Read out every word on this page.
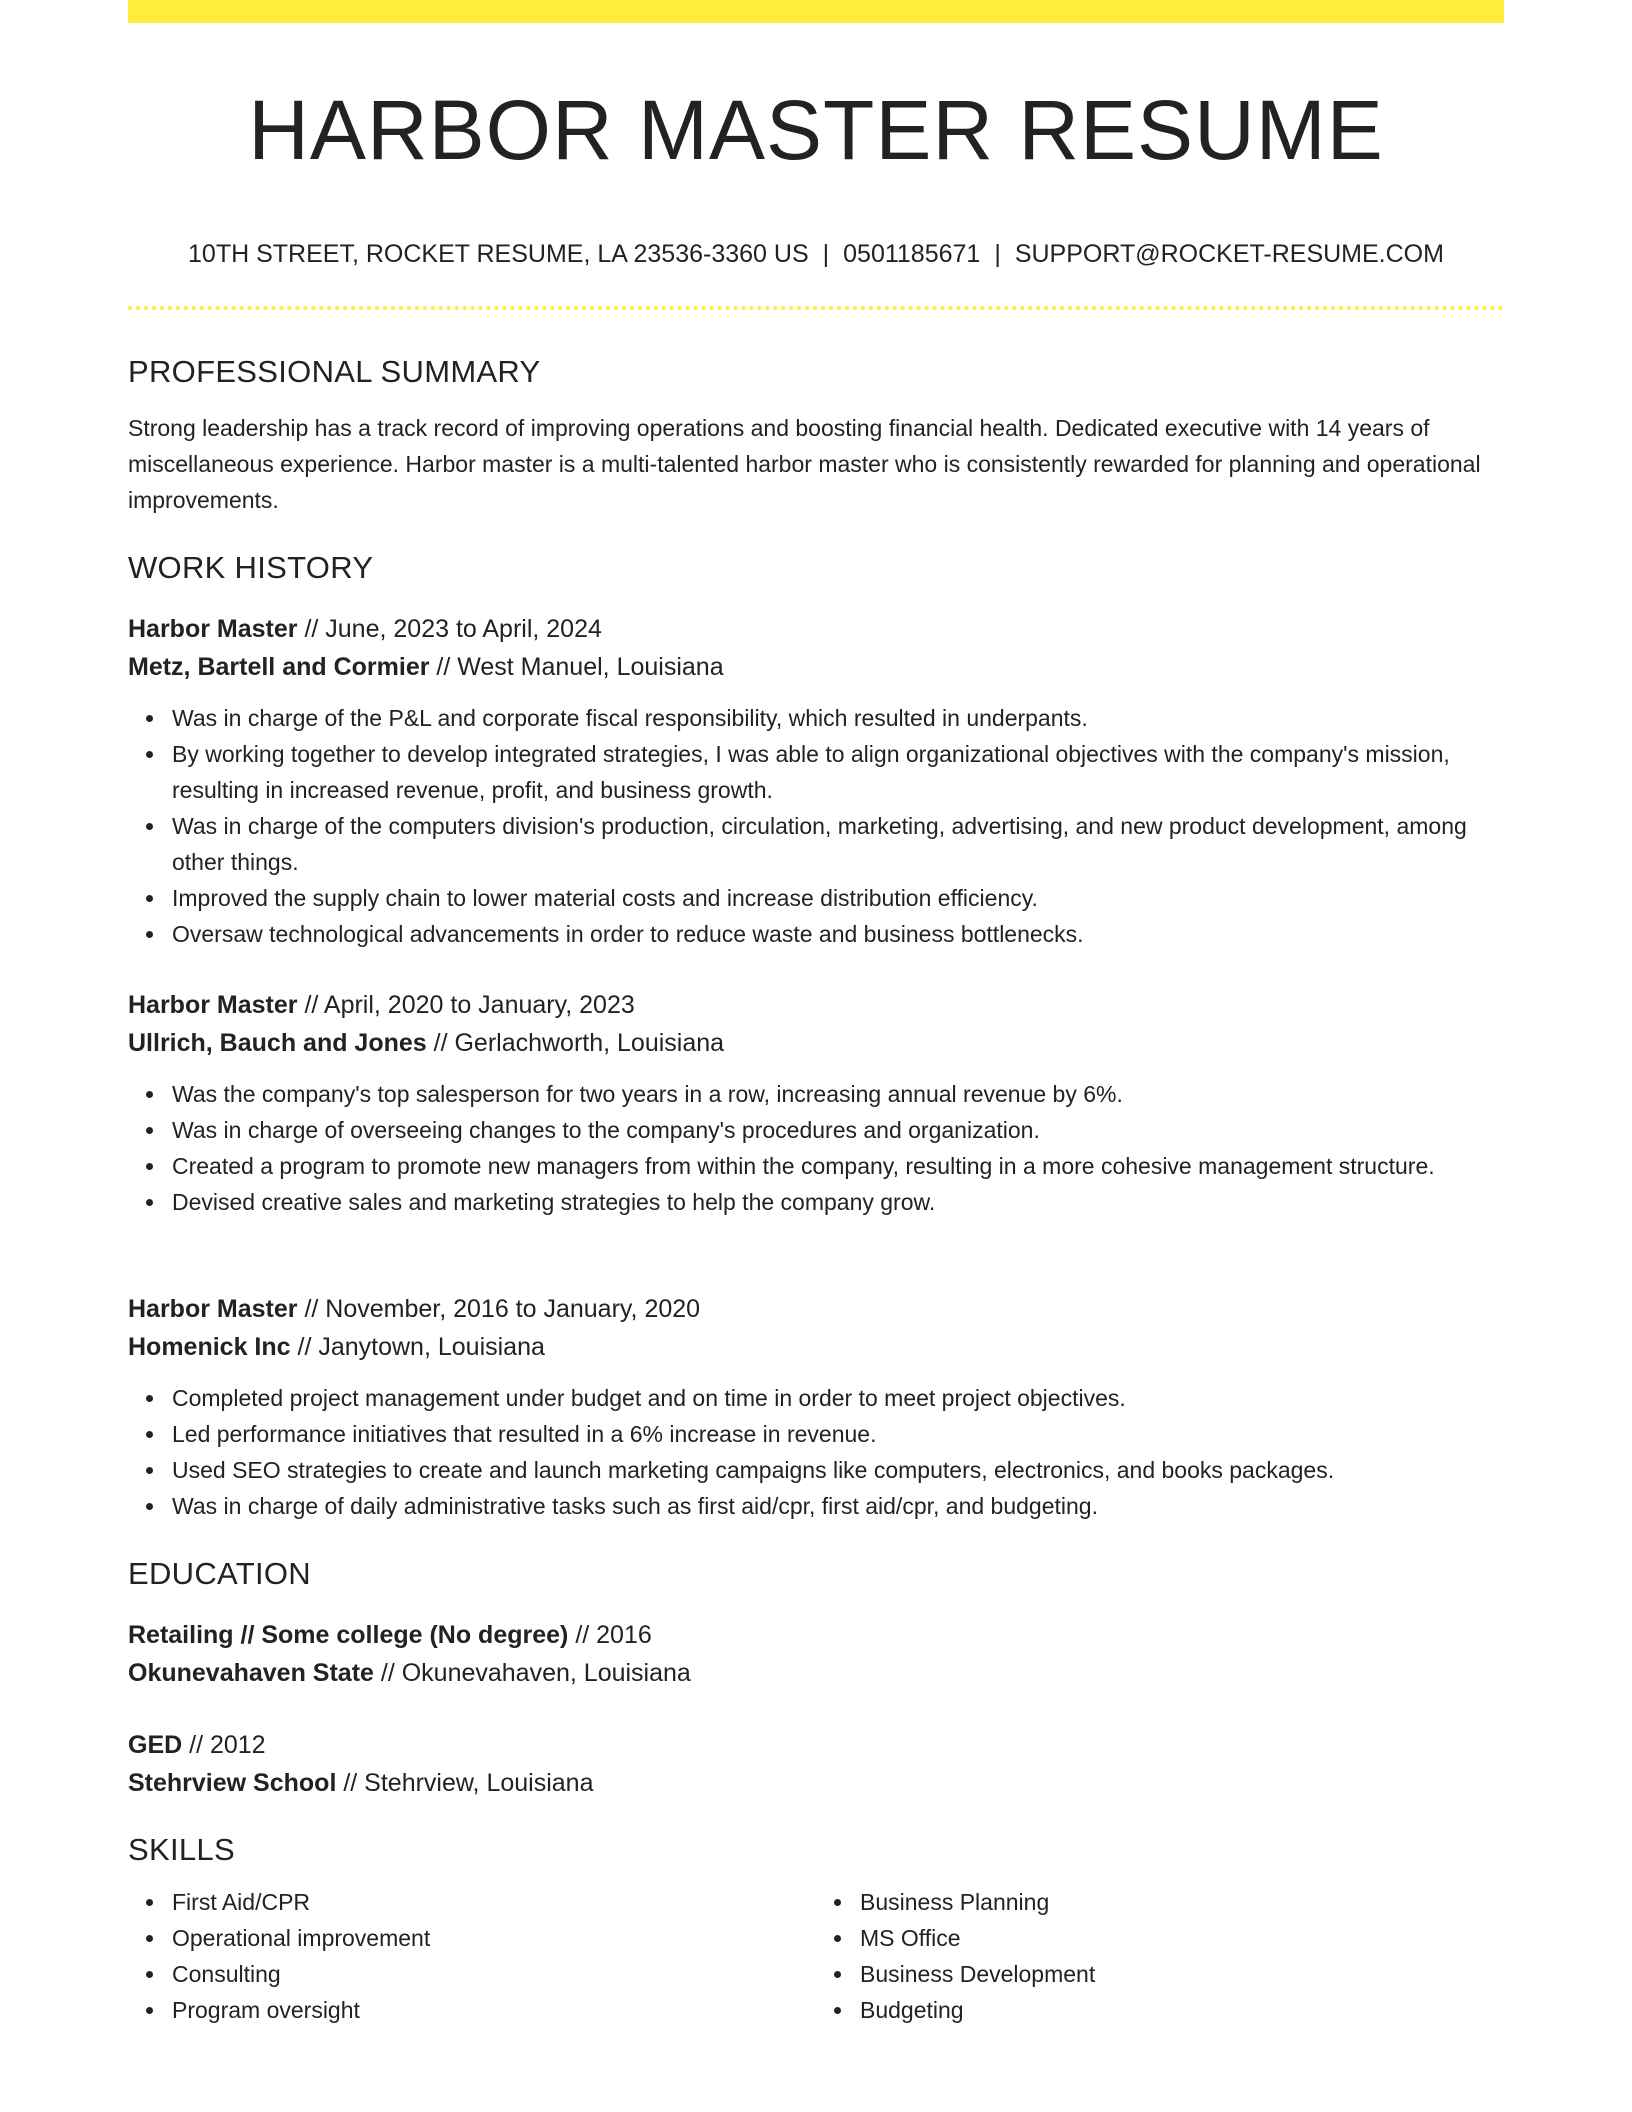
HARBOR MASTER RESUME
10TH STREET, ROCKET RESUME, LA 23536-3360 US | 0501185671 | SUPPORT@ROCKET-RESUME.COM
PROFESSIONAL SUMMARY

Strong leadership has a track record of improving operations and boosting financial health. Dedicated executive with 14 years of miscellaneous experience. Harbor master is a multi-talented harbor master who is consistently rewarded for planning and operational improvements.

WORK HISTORY
Harbor Master // June, 2023 to April, 2024
Metz, Bartell and Cormier // West Manuel, Louisiana
Was in charge of the P&L and corporate fiscal responsibility, which resulted in underpants.
By working together to develop integrated strategies, I was able to align organizational objectives with the company's mission, resulting in increased revenue, profit, and business growth.
Was in charge of the computers division's production, circulation, marketing, advertising, and new product development, among other things.
Improved the supply chain to lower material costs and increase distribution efficiency.
Oversaw technological advancements in order to reduce waste and business bottlenecks.
Harbor Master // April, 2020 to January, 2023
Ullrich, Bauch and Jones // Gerlachworth, Louisiana
Was the company's top salesperson for two years in a row, increasing annual revenue by 6%.
Was in charge of overseeing changes to the company's procedures and organization.
Created a program to promote new managers from within the company, resulting in a more cohesive management structure.
Devised creative sales and marketing strategies to help the company grow.
Harbor Master // November, 2016 to January, 2020
Homenick Inc // Janytown, Louisiana
Completed project management under budget and on time in order to meet project objectives.
Led performance initiatives that resulted in a 6% increase in revenue.
Used SEO strategies to create and launch marketing campaigns like computers, electronics, and books packages.
Was in charge of daily administrative tasks such as first aid/cpr, first aid/cpr, and budgeting.
EDUCATION
Retailing // Some college (No degree) // 2016
Okunevahaven State // Okunevahaven, Louisiana
GED // 2012
Stehrview School // Stehrview, Louisiana
SKILLS
First Aid/CPR
Operational improvement
Consulting
Program oversight
Business Planning
MS Office
Business Development
Budgeting
